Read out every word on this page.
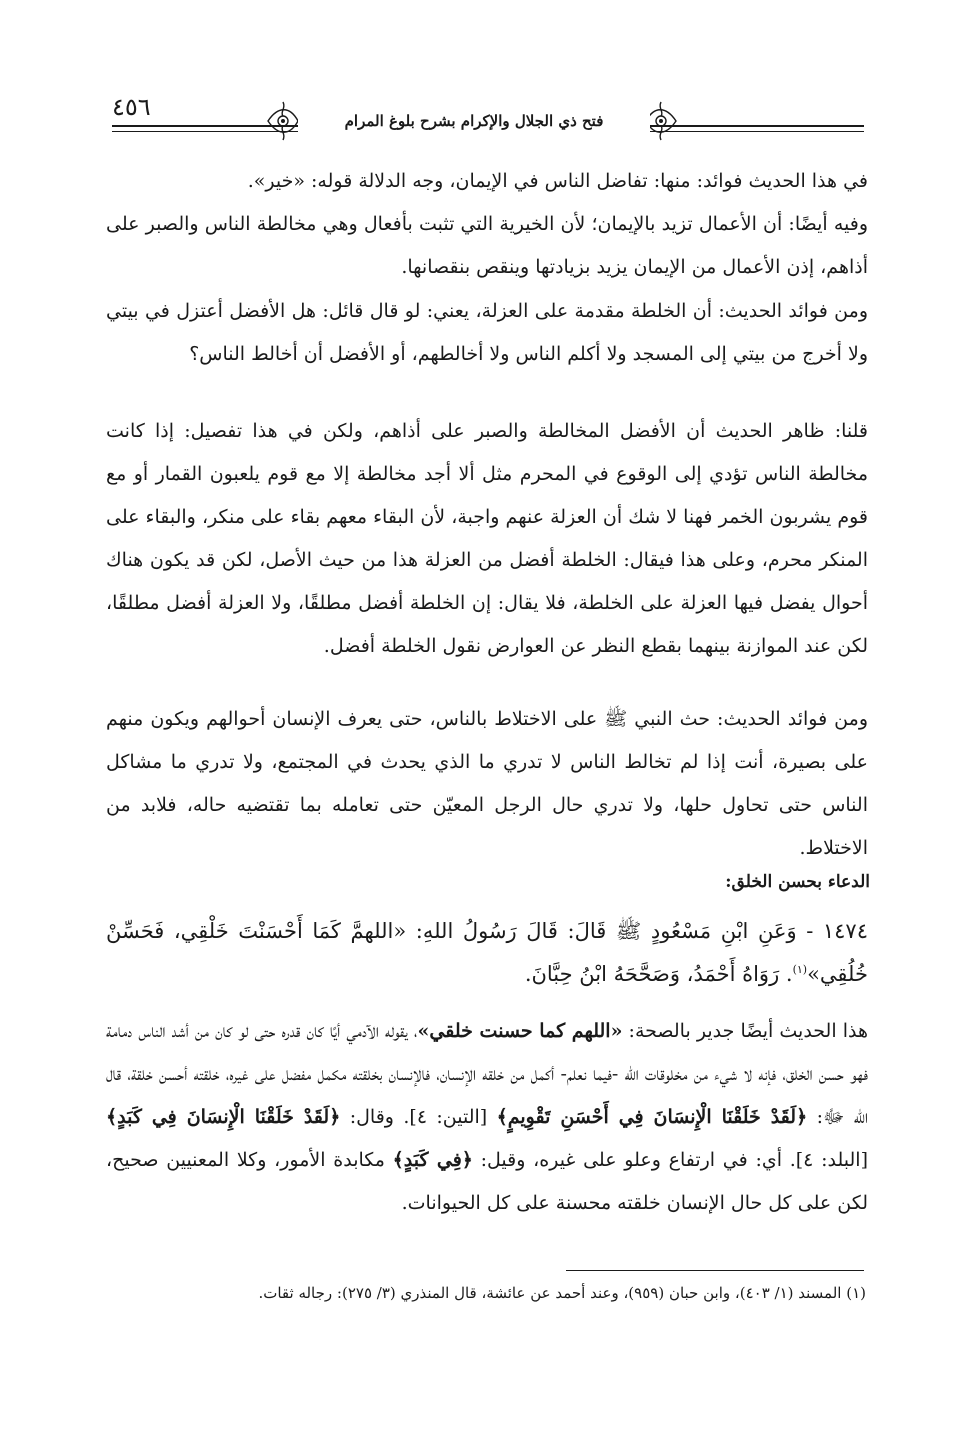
٤٥٦	فتح ذي الجلال والإكرام بشرح بلوغ المرام
في هذا الحديث فوائد: منها: تفاضل الناس في الإيمان، وجه الدلالة قوله: «خير».
وفيه أيضًا: أن الأعمال تزيد بالإيمان؛ لأن الخيرية التي تثبت بأفعال وهي مخالطة الناس والصبر على أذاهم، إذن الأعمال من الإيمان يزيد بزيادتها وينقص بنقصانها.
ومن فوائد الحديث: أن الخلطة مقدمة على العزلة، يعني: لو قال قائل: هل الأفضل أعتزل في بيتي ولا أخرج من بيتي إلى المسجد ولا أكلم الناس ولا أخالطهم، أو الأفضل أن أخالط الناس؟
قلنا: ظاهر الحديث أن الأفضل المخالطة والصبر على أذاهم، ولكن في هذا تفصيل: إذا كانت مخالطة الناس تؤدي إلى الوقوع في المحرم مثل ألا أجد مخالطة إلا مع قوم يلعبون القمار أو مع قوم يشربون الخمر فهنا لا شك أن العزلة عنهم واجبة، لأن البقاء معهم بقاء على منكر، والبقاء على المنكر محرم، وعلى هذا فيقال: الخلطة أفضل من العزلة هذا من حيث الأصل، لكن قد يكون هناك أحوال يفضل فيها العزلة على الخلطة، فلا يقال: إن الخلطة أفضل مطلقًا، ولا العزلة أفضل مطلقًا، لكن عند الموازنة بينهما بقطع النظر عن العوارض نقول الخلطة أفضل.
ومن فوائد الحديث: حث النبي ﷺ على الاختلاط بالناس، حتى يعرف الإنسان أحوالهم ويكون منهم على بصيرة، أنت إذا لم تخالط الناس لا تدري ما الذي يحدث في المجتمع، ولا تدري ما مشاكل الناس حتى تحاول حلها، ولا تدري حال الرجل المعيّن حتى تعامله بما تقتضيه حاله، فلابد من الاختلاط.
الدعاء بحسن الخلق:
١٤٧٤ - وَعَنِ ابْنِ مَسْعُودٍ ﷺ قَالَ: قَالَ رَسُولُ اللهِ: «اللهمَّ كَمَا أَحْسَنْتَ خَلْقِي، فَحَسِّنْ خُلُقِي»$^{(١)}$. رَوَاهُ أَحْمَدُ، وَصَحَّحَهُ ابْنُ حِبَّانَ.
هذا الحديث أيضًا جدير بالصحة: «اللهم كما حسنت خلقي»، يقوله الآدمي أيًا كان قدره حتى لو كان من أشد الناس دمامة فهو حسن الخلق، فإنه لا شيء من مخلوقات الله -فيما نعلم- أكمل من خلقه الإنسان، فالإنسان بخلقته مكمل مفضل على غيره، خلقته أحسن خلقة، قال الله ﷻ: ﴿لَقَدْ خَلَقْنَا الْإِنسَانَ فِي أَحْسَنِ تَقْوِيمٍ﴾ [التين: ٤]. وقال: ﴿لَقَدْ خَلَقْنَا الْإِنسَانَ فِي كَبَدٍ﴾ [البلد: ٤]. أي: في ارتفاع وعلو على غيره، وقيل: ﴿فِي كَبَدٍ﴾ مكابدة الأمور، وكلا المعنيين صحيح، لكن على كل حال الإنسان خلقته محسنة على كل الحيوانات.
(١) المسند (١/ ٤٠٣)، وابن حبان (٩٥٩)، وعند أحمد عن عائشة، قال المنذري (٣/ ٢٧٥): رجاله ثقات.
